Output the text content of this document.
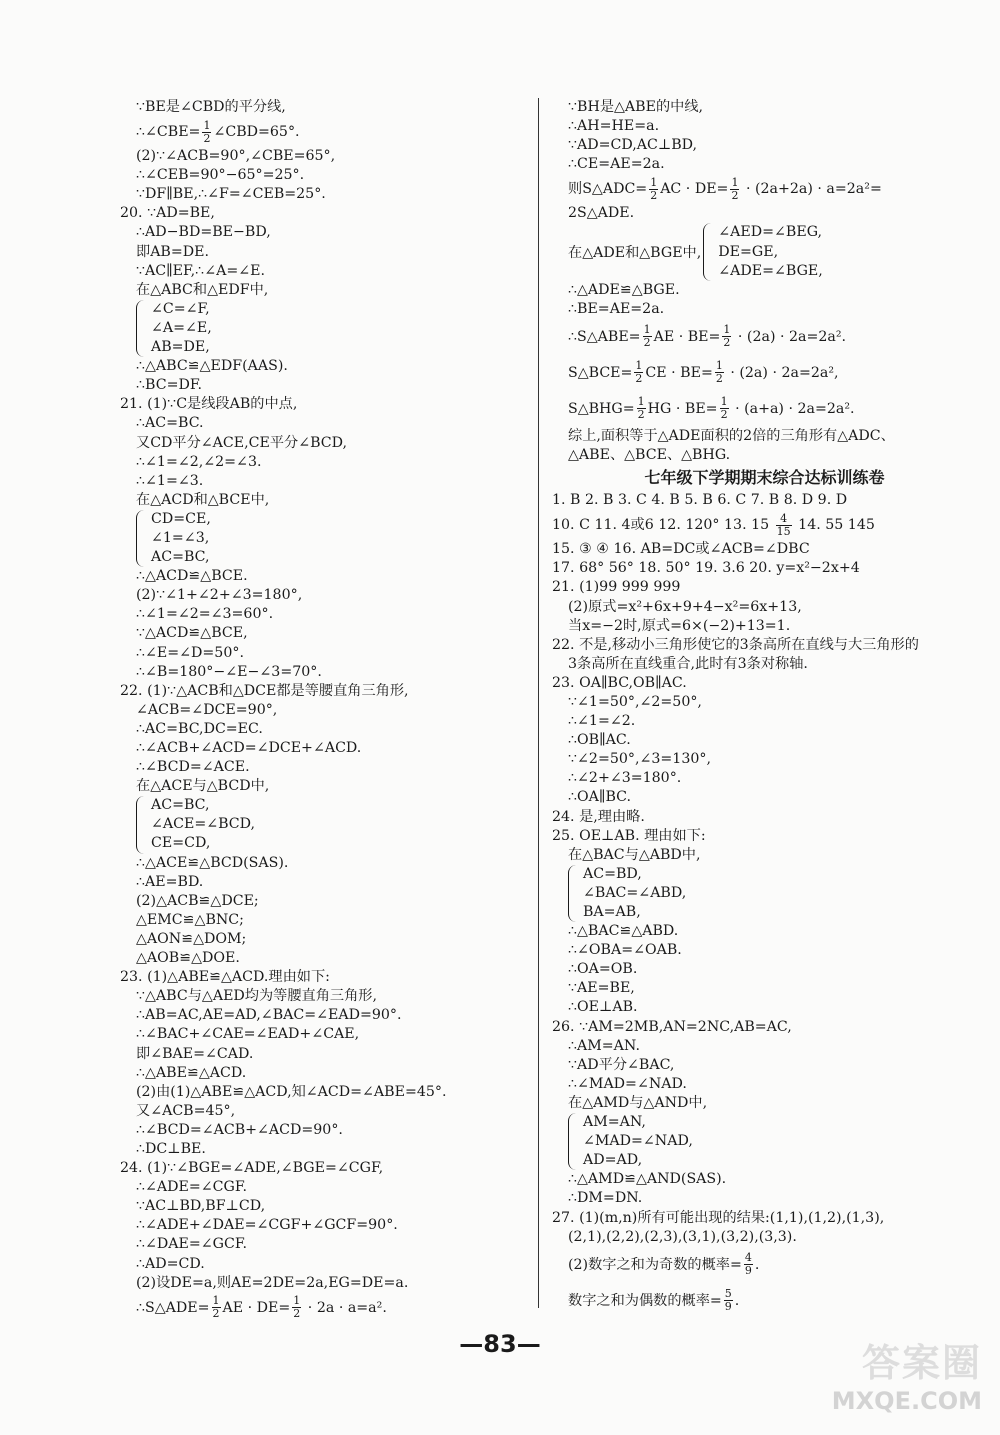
∵BE是∠CBD的平分线,
∴∠CBE= $\frac{1}{2}$ ∠CBD=65°.
(2)∵∠ACB=90°,∠CBE=65°,
∴∠CEB=90°−65°=25°.
∵DF∥BE,∴∠F=∠CEB=25°.
20. ∵AD=BE,
∴AD−BD=BE−BD,
即AB=DE.
∵AC∥EF,∴∠A=∠E.
在△ABC和△EDF中,
∠C=∠F,
∠A=∠E,
AB=DE,
∴△ABC≌△EDF(AAS).
∴BC=DF.
21. (1)∵C是线段AB的中点,
∴AC=BC.
又CD平分∠ACE,CE平分∠BCD,
∴∠1=∠2,∠2=∠3.
∴∠1=∠3.
在△ACD和△BCE中,
CD=CE,
∠1=∠3,
AC=BC,
∴△ACD≌△BCE.
(2)∵∠1+∠2+∠3=180°,
∴∠1=∠2=∠3=60°.
∵△ACD≌△BCE,
∴∠E=∠D=50°.
∴∠B=180°−∠E−∠3=70°.
22. (1)∵△ACB和△DCE都是等腰直角三角形,
∠ACB=∠DCE=90°,
∴AC=BC,DC=EC.
∴∠ACB+∠ACD=∠DCE+∠ACD.
∴∠BCD=∠ACE.
在△ACE与△BCD中,
AC=BC,
∠ACE=∠BCD,
CE=CD,
∴△ACE≌△BCD(SAS).
∴AE=BD.
(2)△ACB≌△DCE;
△EMC≌△BNC;
△AON≌△DOM;
△AOB≌△DOE.
23. (1)△ABE≌△ACD.理由如下:
∵△ABC与△AED均为等腰直角三角形,
∴AB=AC,AE=AD,∠BAC=∠EAD=90°.
∴∠BAC+∠CAE=∠EAD+∠CAE,
即∠BAE=∠CAD.
∴△ABE≌△ACD.
(2)由(1)△ABE≌△ACD,知∠ACD=∠ABE=45°.
又∠ACB=45°,
∴∠BCD=∠ACB+∠ACD=90°.
∴DC⊥BE.
24. (1)∵∠BGE=∠ADE,∠BGE=∠CGF,
∴∠ADE=∠CGF.
∵AC⊥BD,BF⊥CD,
∴∠ADE+∠DAE=∠CGF+∠GCF=90°.
∴∠DAE=∠GCF.
∴AD=CD.
(2)设DE=a,则AE=2DE=2a,EG=DE=a.
∴S△ADE= $\frac{1}{2}$ AE · $DE= \frac{1}{2} \cdot 2a \cdot a=a^2$.
∵BH是△ABE的中线,
∴AH=HE=a.
∵AD=CD,AC⊥BD,
∴CE=AE=2a.
则S△ADC= $\frac{1}{2}$ AC · $DE= \frac{1}{2} \cdot (2a+2a) \cdot a=2a^2=$
2S△ADE.
在△ADE和△BGE中,
∠AED=∠BEG,
DE=GE,
∠ADE=∠BGE,
∴△ADE≌△BGE.
∴BE=AE=2a.
∴S△ABE= $\frac{1}{2}$ AE · $BE= \frac{1}{2} \cdot (2a) \cdot 2a=2a^2$.
S△BCE= $\frac{1}{2}$ CE · $BE= \frac{1}{2} \cdot (2a) \cdot 2a=2a^2$,
S△BHG= $\frac{1}{2}$ HG · $BE= \frac{1}{2} \cdot (a+a) \cdot 2a=2a^2$.
综上,面积等于△ADE面积的2倍的三角形有△ADC、
△ABE、△BCE、△BHG.
七年级下学期期末综合达标训练卷
1. B 2. B 3. C 4. B 5. B 6. C 7. B 8. D 9. D
10. C 11. 4或6 12. 120° 13. $15 \frac{4}{15} 14$. 55 145
15. ③ ④ 16. AB=DC或∠ACB=∠DBC
17. 68° 56° 18. 50° 19. 3.6 20. y=x²−2x+4
21. (1)99 999 999
(2)原式=x²+6x+9+4−x²=6x+13,
当x=−2时,原式=6×(−2)+13=1.
22. 不是,移动小三角形使它的3条高所在直线与大三角形的
3条高所在直线重合,此时有3条对称轴.
23. OA∥BC,OB∥AC.
∵∠1=50°,∠2=50°,
∴∠1=∠2.
∴OB∥AC.
∵∠2=50°,∠3=130°,
∴∠2+∠3=180°.
∴OA∥BC.
24. 是,理由略.
25. OE⊥AB. 理由如下:
在△BAC与△ABD中,
AC=BD,
∠BAC=∠ABD,
BA=AB,
∴△BAC≌△ABD.
∴∠OBA=∠OAB.
∴OA=OB.
∵AE=BE,
∴OE⊥AB.
26. ∵AM=2MB,AN=2NC,AB=AC,
∴AM=AN.
∵AD平分∠BAC,
∴∠MAD=∠NAD.
在△AMD与△AND中,
AM=AN,
∠MAD=∠NAD,
AD=AD,
∴△AMD≌△AND(SAS).
∴DM=DN.
27. (1)(m,n)所有可能出现的结果:(1,1),(1,2),(1,3),
(2,1),(2,2),(2,3),(3,1),(3,2),(3,3).
(2)数字之和为奇数的概率= $\frac{4}{9}$ .
数字之和为偶数的概率= $\frac{5}{9}$ .
—83—	答案圈
MXQE.COM
